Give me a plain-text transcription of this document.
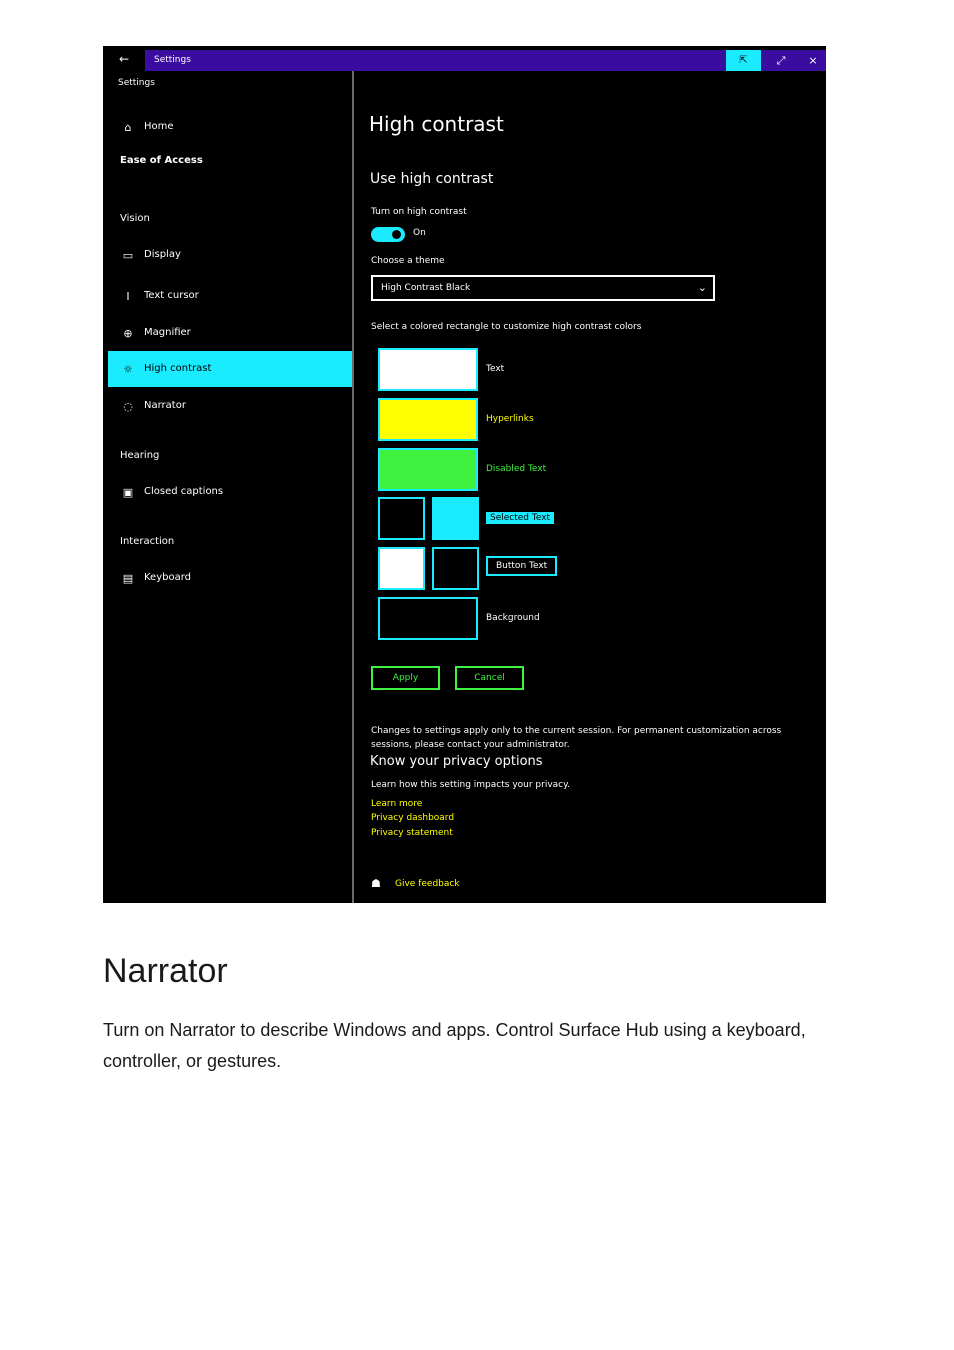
←	Settings	⇱	⤢	×
Settings
⌂	Home
Ease of Access
Vision
▭ Display
I	Text cursor
⊕	Magnifier
☼	High contrast
◌	Narrator
Hearing
▣ Closed captions
Interaction
▤ Keyboard
High contrast
Use high contrast
Turn on high contrast
On
Choose a theme
High Contrast Black	⌄
Select a colored rectangle to customize high contrast colors
Text
Hyperlinks
Disabled Text
Selected Text
Button Text
Background
Apply	Cancel
Changes to settings apply only to the current session. For permanent customization across sessions, please contact your administrator.
Know your privacy options
Learn how this setting impacts your privacy.
Learn more
Privacy dashboard
Privacy statement
☗ Give feedback
Narrator
Turn on Narrator to describe Windows and apps. Control Surface Hub using a keyboard, controller, or gestures.
